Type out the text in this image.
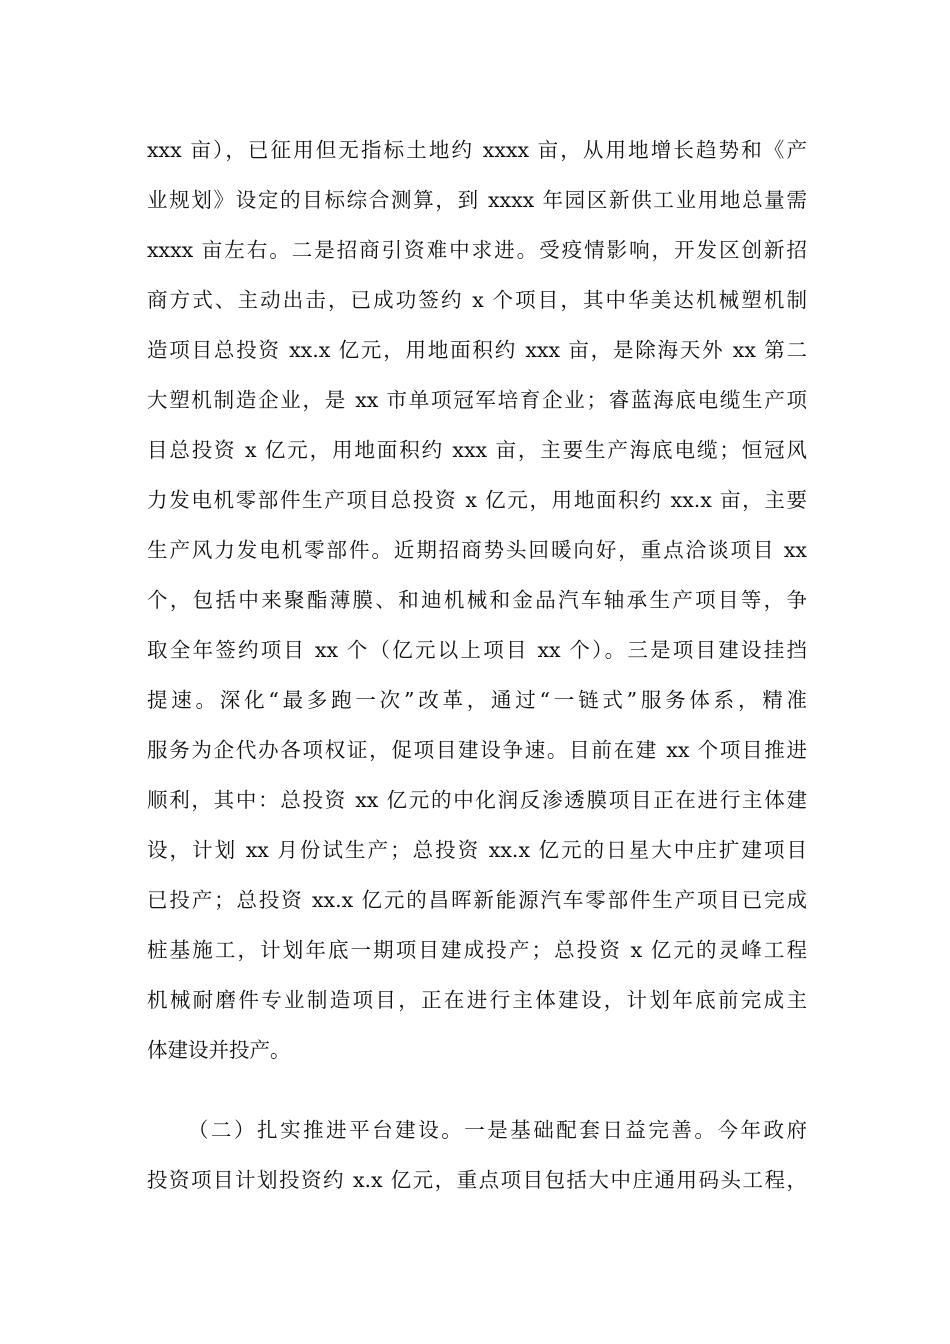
xxx 亩），已征用但无指标土地约 xxxx 亩，从用地增长趋势和《产
业规划》设定的目标综合测算，到 xxxx 年园区新供工业用地总量需
xxxx 亩左右。二是招商引资难中求进。受疫情影响，开发区创新招
商方式、主动出击，已成功签约 x 个项目，其中华美达机械塑机制
造项目总投资 xx.x 亿元，用地面积约 xxx 亩，是除海天外 xx 第二
大塑机制造企业，是 xx 市单项冠军培育企业；睿蓝海底电缆生产项
目总投资 x 亿元，用地面积约 xxx 亩，主要生产海底电缆；恒冠风
力发电机零部件生产项目总投资 x 亿元，用地面积约 xx.x 亩，主要
生产风力发电机零部件。近期招商势头回暖向好，重点洽谈项目 xx
个，包括中来聚酯薄膜、和迪机械和金品汽车轴承生产项目等，争
取全年签约项目 xx 个（亿元以上项目 xx 个）。三是项目建设挂挡
提速。深化“最多跑一次”改革，通过“一链式”服务体系，精准
服务为企代办各项权证，促项目建设争速。目前在建 xx 个项目推进
顺利，其中：总投资 xx 亿元的中化润反渗透膜项目正在进行主体建
设，计划 xx 月份试生产；总投资 xx.x 亿元的日星大中庄扩建项目
已投产；总投资 xx.x 亿元的昌晖新能源汽车零部件生产项目已完成
桩基施工，计划年底一期项目建成投产；总投资 x 亿元的灵峰工程
机械耐磨件专业制造项目，正在进行主体建设，计划年底前完成主
体建设并投产。
（二）扎实推进平台建设。一是基础配套日益完善。今年政府
投资项目计划投资约 x.x 亿元，重点项目包括大中庄通用码头工程，
